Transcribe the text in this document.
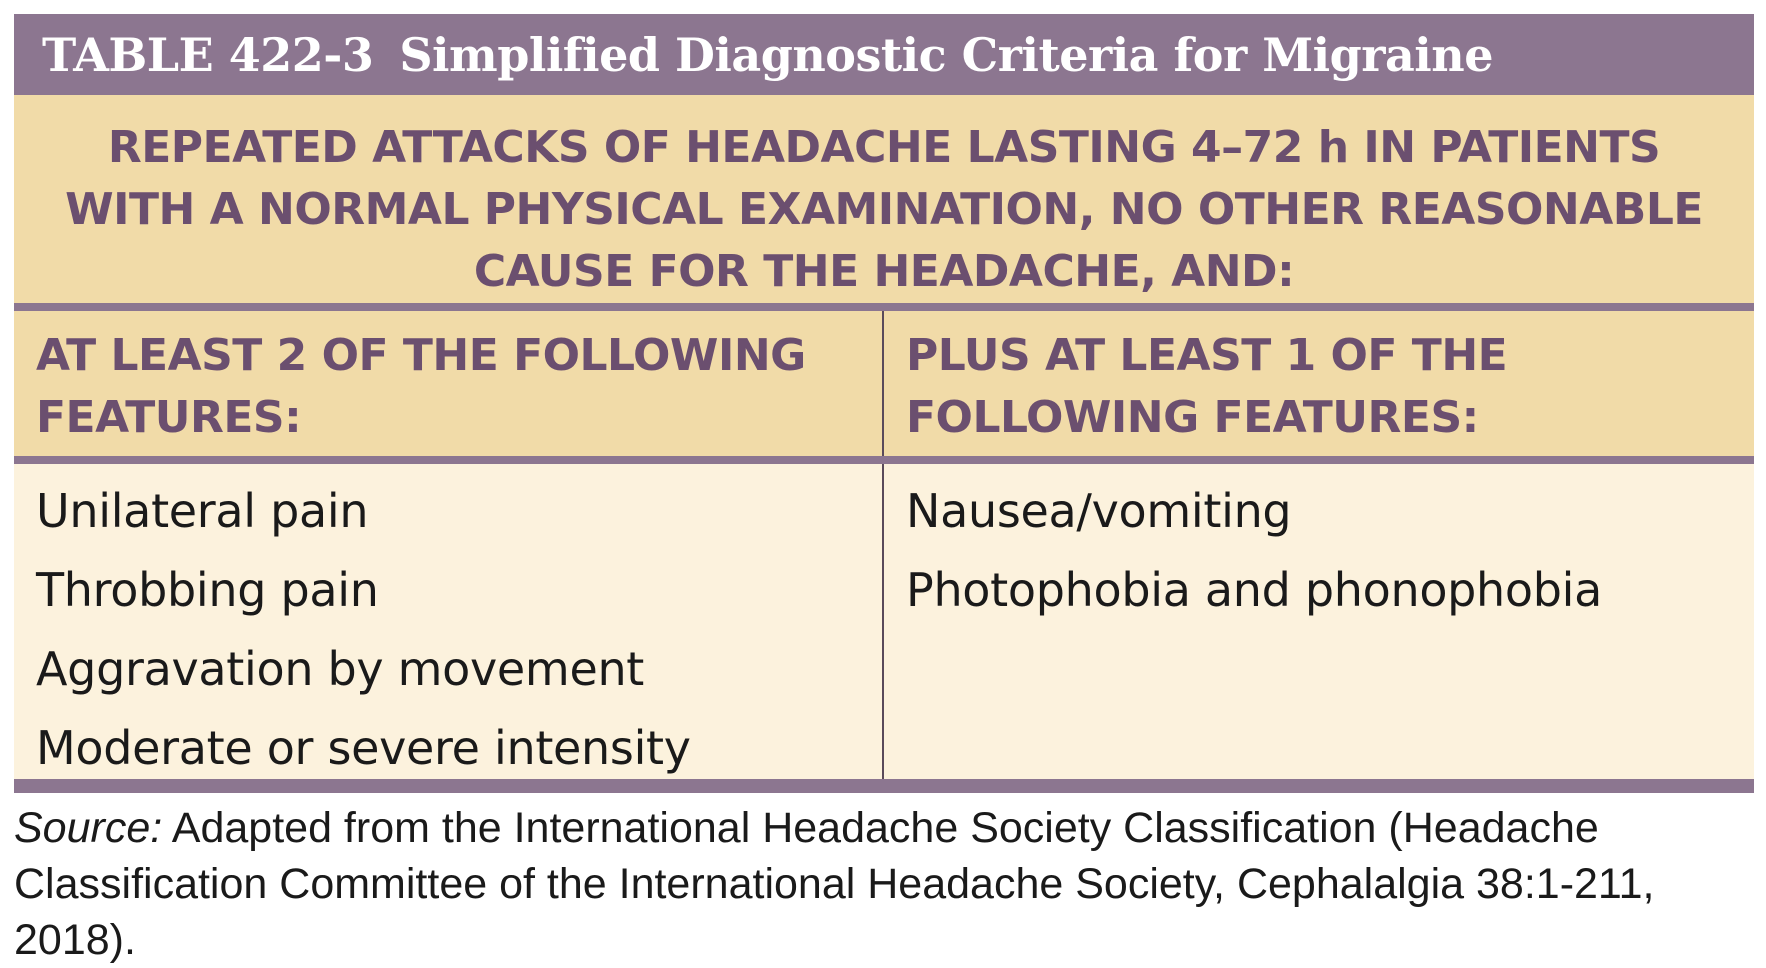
TABLE 422-3 Simplified Diagnostic Criteria for Migraine
REPEATED ATTACKS OF HEADACHE LASTING 4–72 h IN PATIENTS WITH A NORMAL PHYSICAL EXAMINATION, NO OTHER REASONABLE CAUSE FOR THE HEADACHE, AND:
AT LEAST 2 OF THE FOLLOWING FEATURES:
PLUS AT LEAST 1 OF THE FOLLOWING FEATURES:
Unilateral pain
Throbbing pain
Aggravation by movement
Moderate or severe intensity
Nausea/vomiting
Photophobia and phonophobia
Source: Adapted from the International Headache Society Classification (Headache Classification Committee of the International Headache Society, Cephalalgia 38:1-211, 2018).
